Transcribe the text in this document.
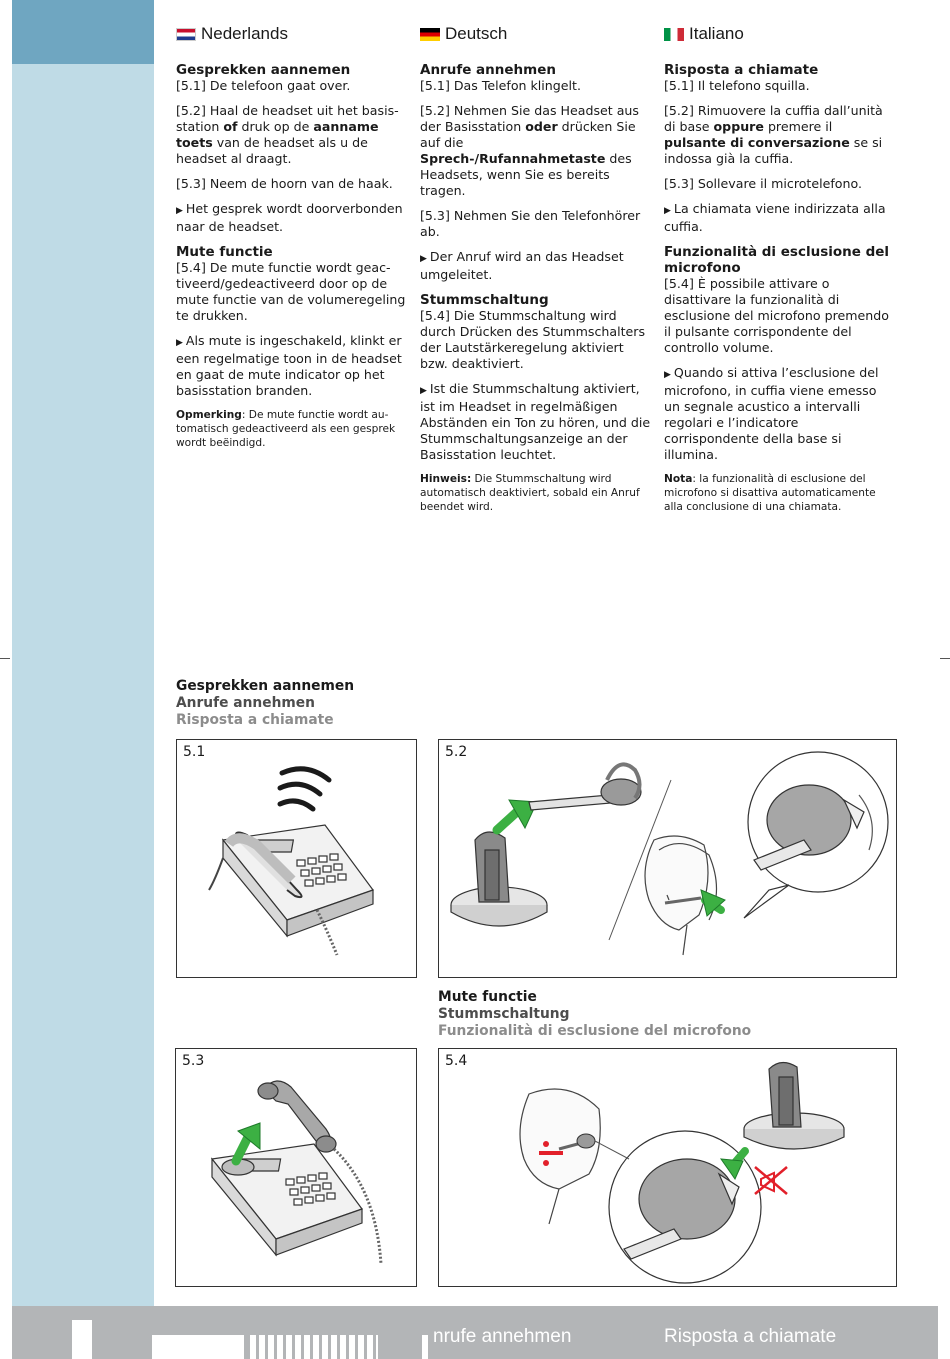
Nederlands
Gesprekken aannemen

[5.1] De telefoon gaat over.

[5.2] Haal de headset uit het basisstation of druk op de aanname toets van de headset als u de headset al draagt.

[5.3] Neem de hoorn van de haak.

▶ Het gesprek wordt doorverbonden naar de headset.

Mute functie

[5.4] De mute functie wordt geactiveerd/gedeactiveerd door op de mute functie van de volumeregeling te drukken.

▶ Als mute is ingeschakeld, klinkt er een regelmatige toon in de headset en gaat de mute indicator op het basisstation branden.

Opmerking: De mute functie wordt automatisch gedeactiveerd als een gesprek wordt beëindigd.

Deutsch
Anrufe annehmen

[5.1] Das Telefon klingelt.

[5.2] Nehmen Sie das Headset aus der Basisstation oder drücken Sie auf die Sprech-/Rufannahmetaste des Headsets, wenn Sie es bereits tragen.

[5.3] Nehmen Sie den Telefonhörer ab.

▶ Der Anruf wird an das Headset umgeleitet.

Stummschaltung

[5.4] Die Stummschaltung wird durch Drücken des Stummschalters der Lautstärkeregelung aktiviert bzw. deaktiviert.

▶ Ist die Stummschaltung aktiviert, ist im Headset in regelmäßigen Abständen ein Ton zu hören, und die Stummschaltungsanzeige an der Basisstation leuchtet.

Hinweis: Die Stummschaltung wird automatisch deaktiviert, sobald ein Anruf beendet wird.

Italiano
Risposta a chiamate

[5.1] Il telefono squilla.

[5.2] Rimuovere la cuffia dall’unità di base oppure premere il pulsante di conversazione se si indossa già la cuffia.

[5.3] Sollevare il microtelefono.

▶ La chiamata viene indirizzata alla cuffia.

Funzionalità di esclusione del microfono

[5.4] È possibile attivare o disattivare la funzionalità di esclusione del microfono premendo il pulsante corrispondente del controllo volume.

▶ Quando si attiva l’esclusione del microfono, in cuffia viene emesso un segnale acustico a intervalli regolari e l’indicatore corrispondente della base si illumina.

Nota: la funzionalità di esclusione del microfono si disattiva automaticamente alla conclusione di una chiamata.

Gesprekken aannemen
Anrufe annehmen
Risposta a chiamate
Mute functie
Stummschaltung
Funzionalità di esclusione del microfono
5.1	5.2
5.3	5.4
nrufe annehmen	Risposta a chiamate
